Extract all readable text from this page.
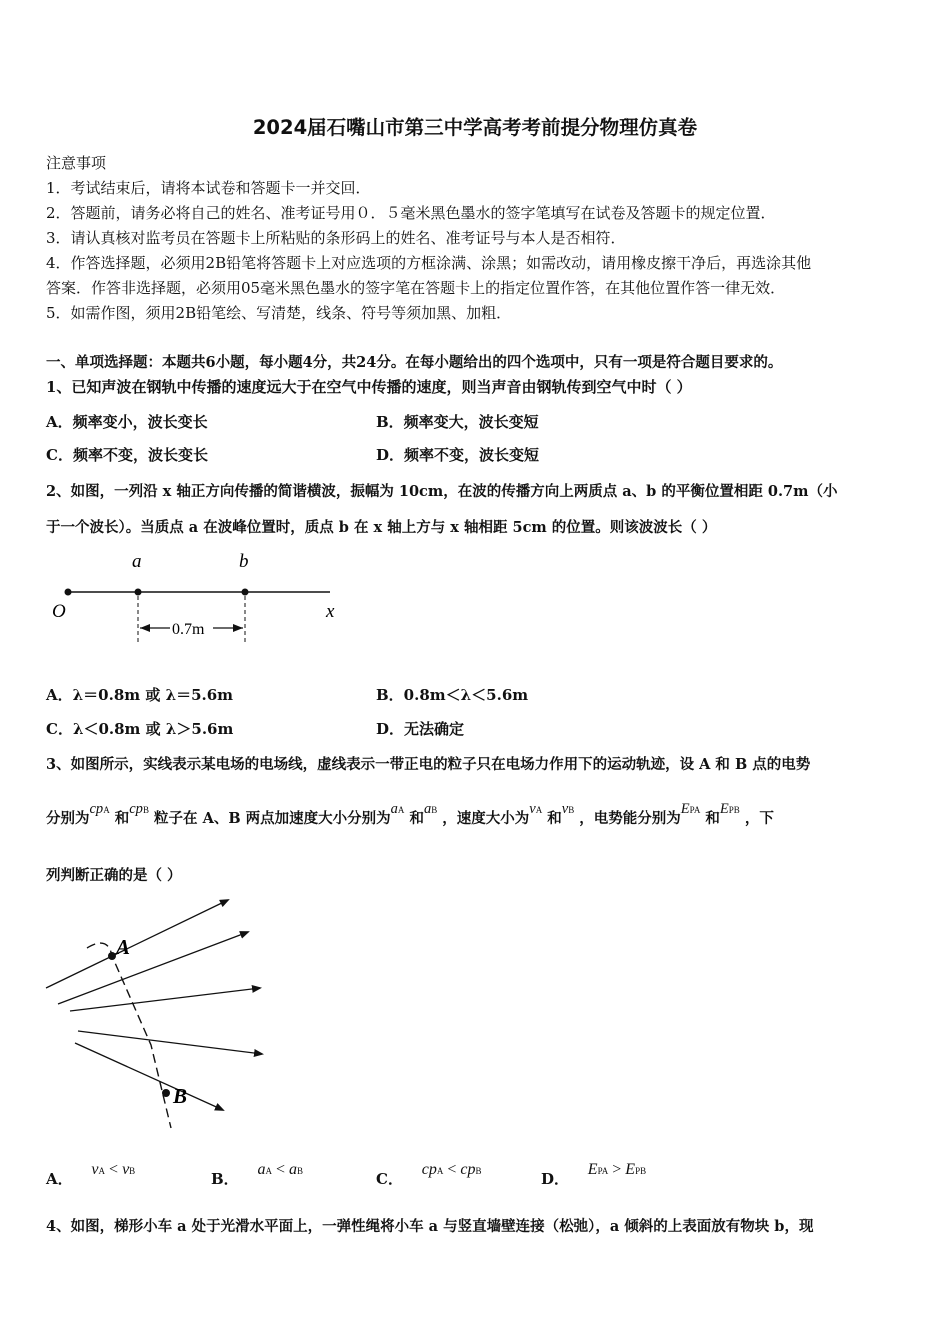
2024届石嘴山市第三中学高考考前提分物理仿真卷
注意事项
1．考试结束后，请将本试卷和答题卡一并交回．
2．答题前，请务必将自己的姓名、准考证号用０．５毫米黑色墨水的签字笔填写在试卷及答题卡的规定位置．
3．请认真核对监考员在答题卡上所粘贴的条形码上的姓名、准考证号与本人是否相符．
4．作答选择题，必须用2B铅笔将答题卡上对应选项的方框涂满、涂黑；如需改动，请用橡皮擦干净后，再选涂其他
答案．作答非选择题，必须用05毫米黑色墨水的签字笔在答题卡上的指定位置作答，在其他位置作答一律无效．
5．如需作图，须用2B铅笔绘、写清楚，线条、符号等须加黑、加粗．
一、单项选择题：本题共6小题，每小题4分，共24分。在每小题给出的四个选项中，只有一项是符合题目要求的。
1、已知声波在钢轨中传播的速度远大于在空气中传播的速度，则当声音由钢轨传到空气中时（ ）
A．频率变小，波长变长	B．频率变大，波长变短
C．频率不变，波长变长	D．频率不变，波长变短
2、如图，一列沿 x 轴正方向传播的简谐横波，振幅为 10cm，在波的传播方向上两质点 a、b 的平衡位置相距 0.7m（小
于一个波长）。当质点 a 在波峰位置时，质点 b 在 x 轴上方与 x 轴相距 5cm 的位置。则该波波长（ ）
a	b
O	x
0.7m
A．λ＝0.8m 或 λ＝5.6m	B．0.8m＜λ＜5.6m
C．λ＜0.8m 或 λ＞5.6m	D．无法确定
3、如图所示，实线表示某电场的电场线，虚线表示一带正电的粒子只在电场力作用下的运动轨迹，设 A 和 B 点的电势
分别为cpA 和cpB 粒子在 A、B 两点加速度大小分别为aA 和aB ，速度大小为vA 和vB ，电势能分别为EPA 和EPB ，下
列判断正确的是（ ）
A
B
A． vA < vB	B． aA < aB	C． cpA < cpB	D． EPA > EPB
4、如图，梯形小车 a 处于光滑水平面上，一弹性绳将小车 a 与竖直墙壁连接（松弛），a 倾斜的上表面放有物块 b，现
